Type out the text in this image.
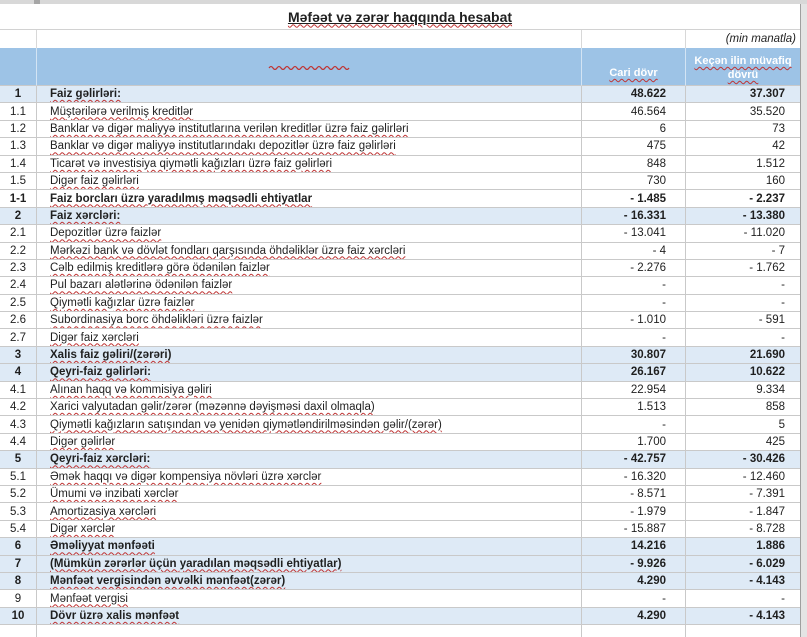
Məfəət və zərər haqqında hesabat
(min manatla)
Cari dövr
Keçən ilin müvafiq dövrü
1	Faiz gəlirləri:	48.622	37.307
1.1 Müştərilərə verilmiş kreditlər	46.564	35.520
1.2 Banklar və digər maliyyə institutlarına verilən kreditlər üzrə faiz gəlirləri	6	73
1.3 Banklar və digər maliyyə institutlarındakı depozitlər üzrə faiz gəlirləri	475	42
1.4 Ticarət və investisiya qiymətli kağızları üzrə faiz gəlirləri	848	1.512
1.5 Digər faiz gəlirləri	730	160
1-1 Faiz borcları üzrə yaradılmış məqsədli ehtiyatlar	- 1.485	- 2.237
2	Faiz xərcləri:	- 16.331	- 13.380
2.1 Depozitlər üzrə faizlər	- 13.041	- 11.020
2.2 Mərkəzi bank və dövlət fondları qarşısında öhdəliklər üzrə faiz xərcləri	- 4	- 7
2.3 Cəlb edilmiş kreditlərə görə ödənilən faizlər	- 2.276	- 1.762
2.4 Pul bazarı alətlərinə ödənilən faizlər	-	-
2.5 Qiymətli kağızlar üzrə faizlər	-	-
2.6 Subordinasiya borc öhdəlikləri üzrə faizlər	- 1.010	- 591
2.7 Digər faiz xərcləri	-	-
3	Xalis faiz gəliri/(zərəri)	30.807	21.690
4	Qeyri-faiz gəlirləri:	26.167	10.622
4.1 Alınan haqq və kommisiya gəliri	22.954	9.334
4.2 Xarici valyutadan gəlir/zərər (məzənnə dəyişməsi daxil olmaqla)	1.513	858
4.3 Qiymətli kağızların satışından və yenidən qiymətləndirilməsindən gəlir/(zərər)	-	5
4.4 Digər gəlirlər	1.700	425
5	Qeyri-faiz xərcləri:	- 42.757	- 30.426
5.1 Əmək haqqı və digər kompensiya növləri üzrə xərclər	- 16.320	- 12.460
5.2 Ümumi və inzibati xərclər	- 8.571	- 7.391
5.3 Amortizasiya xərcləri	- 1.979	- 1.847
5.4 Digər xərclər	- 15.887	- 8.728
6	Əməliyyat mənfəəti	14.216	1.886
7	(Mümkün zərərlər üçün yaradılan məqsədli ehtiyatlar)	- 9.926	- 6.029
8	Mənfəət vergisindən əvvəlki mənfəət(zərər)	4.290	- 4.143
9	Mənfəət vergisi	-	-
10 Dövr üzrə xalis mənfəət	4.290	- 4.143
